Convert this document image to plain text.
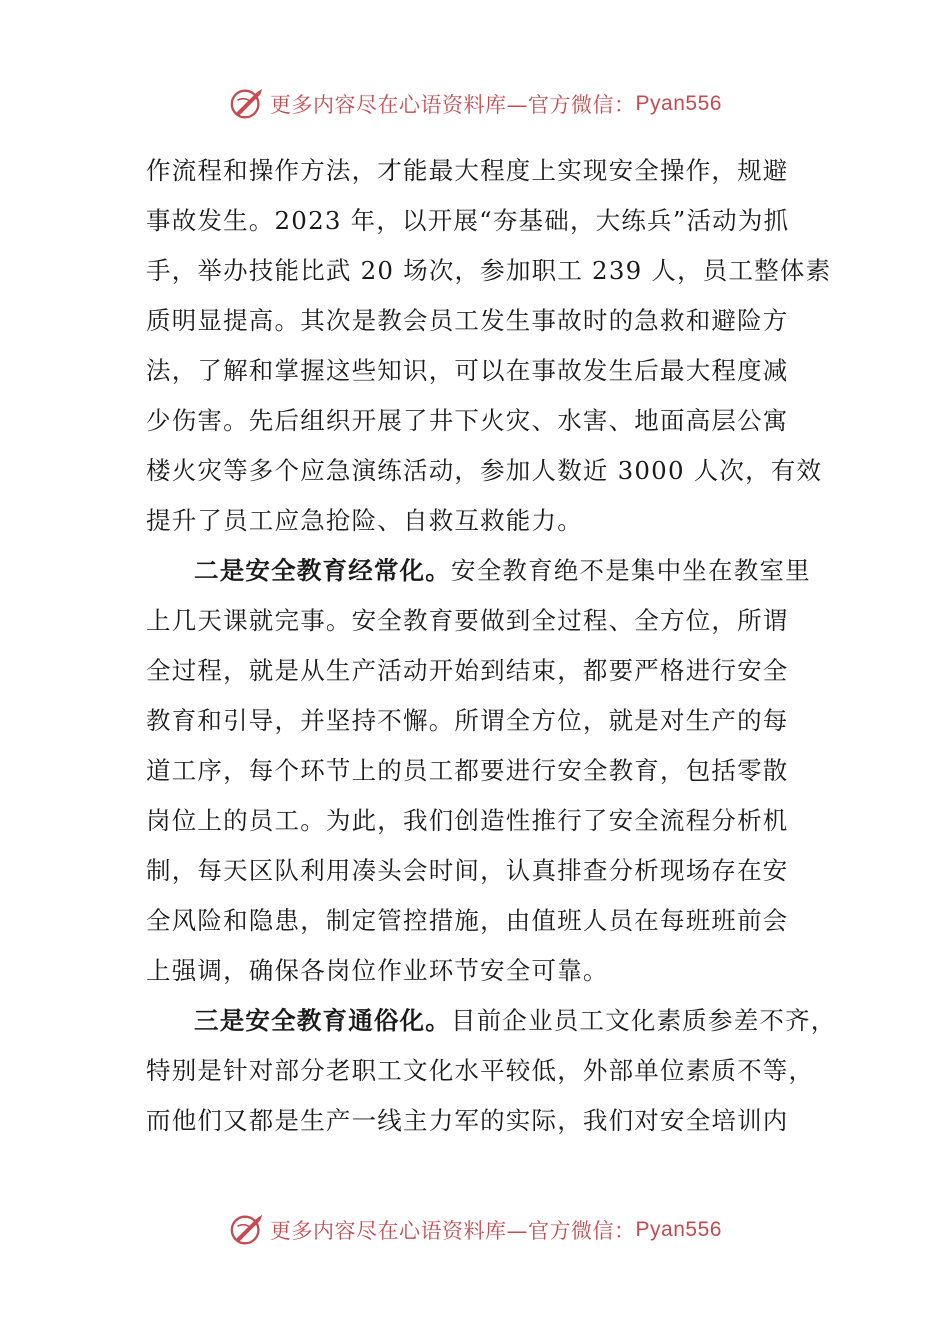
更多内容尽在心语资料库—官方微信： Pyan556
作流程和操作方法，才能最大程度上实现安全操作，规避
事故发生。2023 年，以开展“夯基础，大练兵”活动为抓
手，举办技能比武 20 场次，参加职工 239 人，员工整体素
质明显提高。其次是教会员工发生事故时的急救和避险方
法，了解和掌握这些知识，可以在事故发生后最大程度减
少伤害。先后组织开展了井下火灾、水害、地面高层公寓
楼火灾等多个应急演练活动，参加人数近 3000 人次，有效
提升了员工应急抢险、自救互救能力。
二是安全教育经常化。安全教育绝不是集中坐在教室里
上几天课就完事。安全教育要做到全过程、全方位，所谓
全过程，就是从生产活动开始到结束，都要严格进行安全
教育和引导，并坚持不懈。所谓全方位，就是对生产的每
道工序，每个环节上的员工都要进行安全教育，包括零散
岗位上的员工。为此，我们创造性推行了安全流程分析机
制，每天区队利用凑头会时间，认真排查分析现场存在安
全风险和隐患，制定管控措施，由值班人员在每班班前会
上强调，确保各岗位作业环节安全可靠。
三是安全教育通俗化。目前企业员工文化素质参差不齐，
特别是针对部分老职工文化水平较低，外部单位素质不等，
而他们又都是生产一线主力军的实际，我们对安全培训内
更多内容尽在心语资料库—官方微信： Pyan556
